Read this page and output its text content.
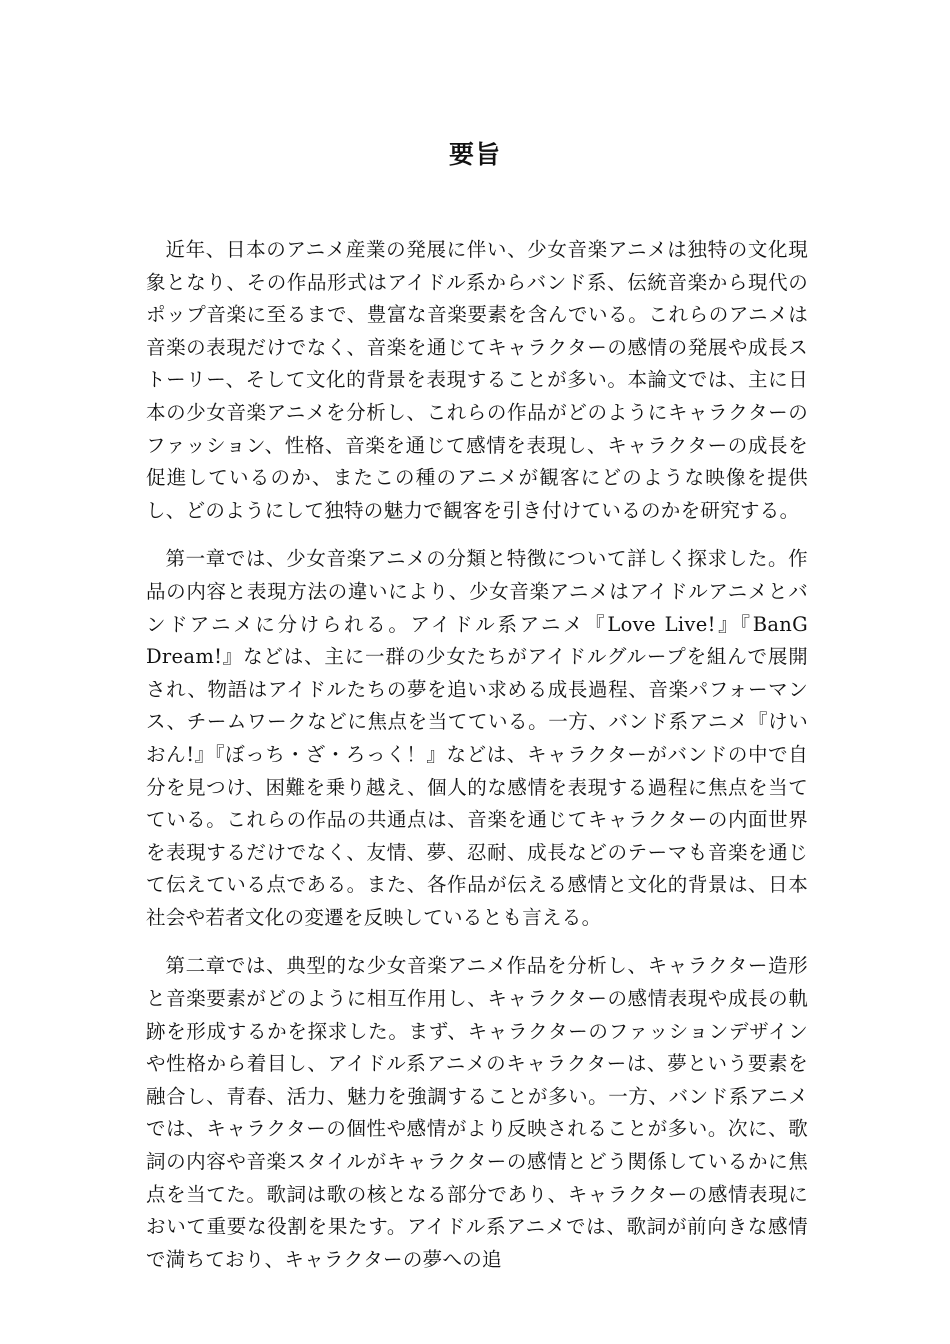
要旨

近年、日本のアニメ産業の発展に伴い、少女音楽アニメは独特の文化現象となり、その作品形式はアイドル系からバンド系、伝統音楽から現代のポップ音楽に至るまで、豊富な音楽要素を含んでいる。これらのアニメは音楽の表現だけでなく、音楽を通じてキャラクターの感情の発展や成長ストーリー、そして文化的背景を表現することが多い。本論文では、主に日本の少女音楽アニメを分析し、これらの作品がどのようにキャラクターのファッション、性格、音楽を通じて感情を表現し、キャラクターの成長を促進しているのか、またこの種のアニメが観客にどのような映像を提供し、どのようにして独特の魅力で観客を引き付けているのかを研究する。

第一章では、少女音楽アニメの分類と特徴について詳しく探求した。作品の内容と表現方法の違いにより、少女音楽アニメはアイドルアニメとバンドアニメに分けられる。アイドル系アニメ『Love Live!』『BanG Dream!』などは、主に一群の少女たちがアイドルグループを組んで展開され、物語はアイドルたちの夢を追い求める成長過程、音楽パフォーマンス、チームワークなどに焦点を当てている。一方、バンド系アニメ『けいおん!』『ぼっち・ざ・ろっく！』などは、キャラクターがバンドの中で自分を見つけ、困難を乗り越え、個人的な感情を表現する過程に焦点を当てている。これらの作品の共通点は、音楽を通じてキャラクターの内面世界を表現するだけでなく、友情、夢、忍耐、成長などのテーマも音楽を通じて伝えている点である。また、各作品が伝える感情と文化的背景は、日本社会や若者文化の変遷を反映しているとも言える。

第二章では、典型的な少女音楽アニメ作品を分析し、キャラクター造形と音楽要素がどのように相互作用し、キャラクターの感情表現や成長の軌跡を形成するかを探求した。まず、キャラクターのファッションデザインや性格から着目し、アイドル系アニメのキャラクターは、夢という要素を融合し、青春、活力、魅力を強調することが多い。一方、バンド系アニメでは、キャラクターの個性や感情がより反映されることが多い。次に、歌詞の内容や音楽スタイルがキャラクターの感情とどう関係しているかに焦点を当てた。歌詞は歌の核となる部分であり、キャラクターの感情表現において重要な役割を果たす。アイドル系アニメでは、歌詞が前向きな感情で満ちており、キャラクターの夢への追
